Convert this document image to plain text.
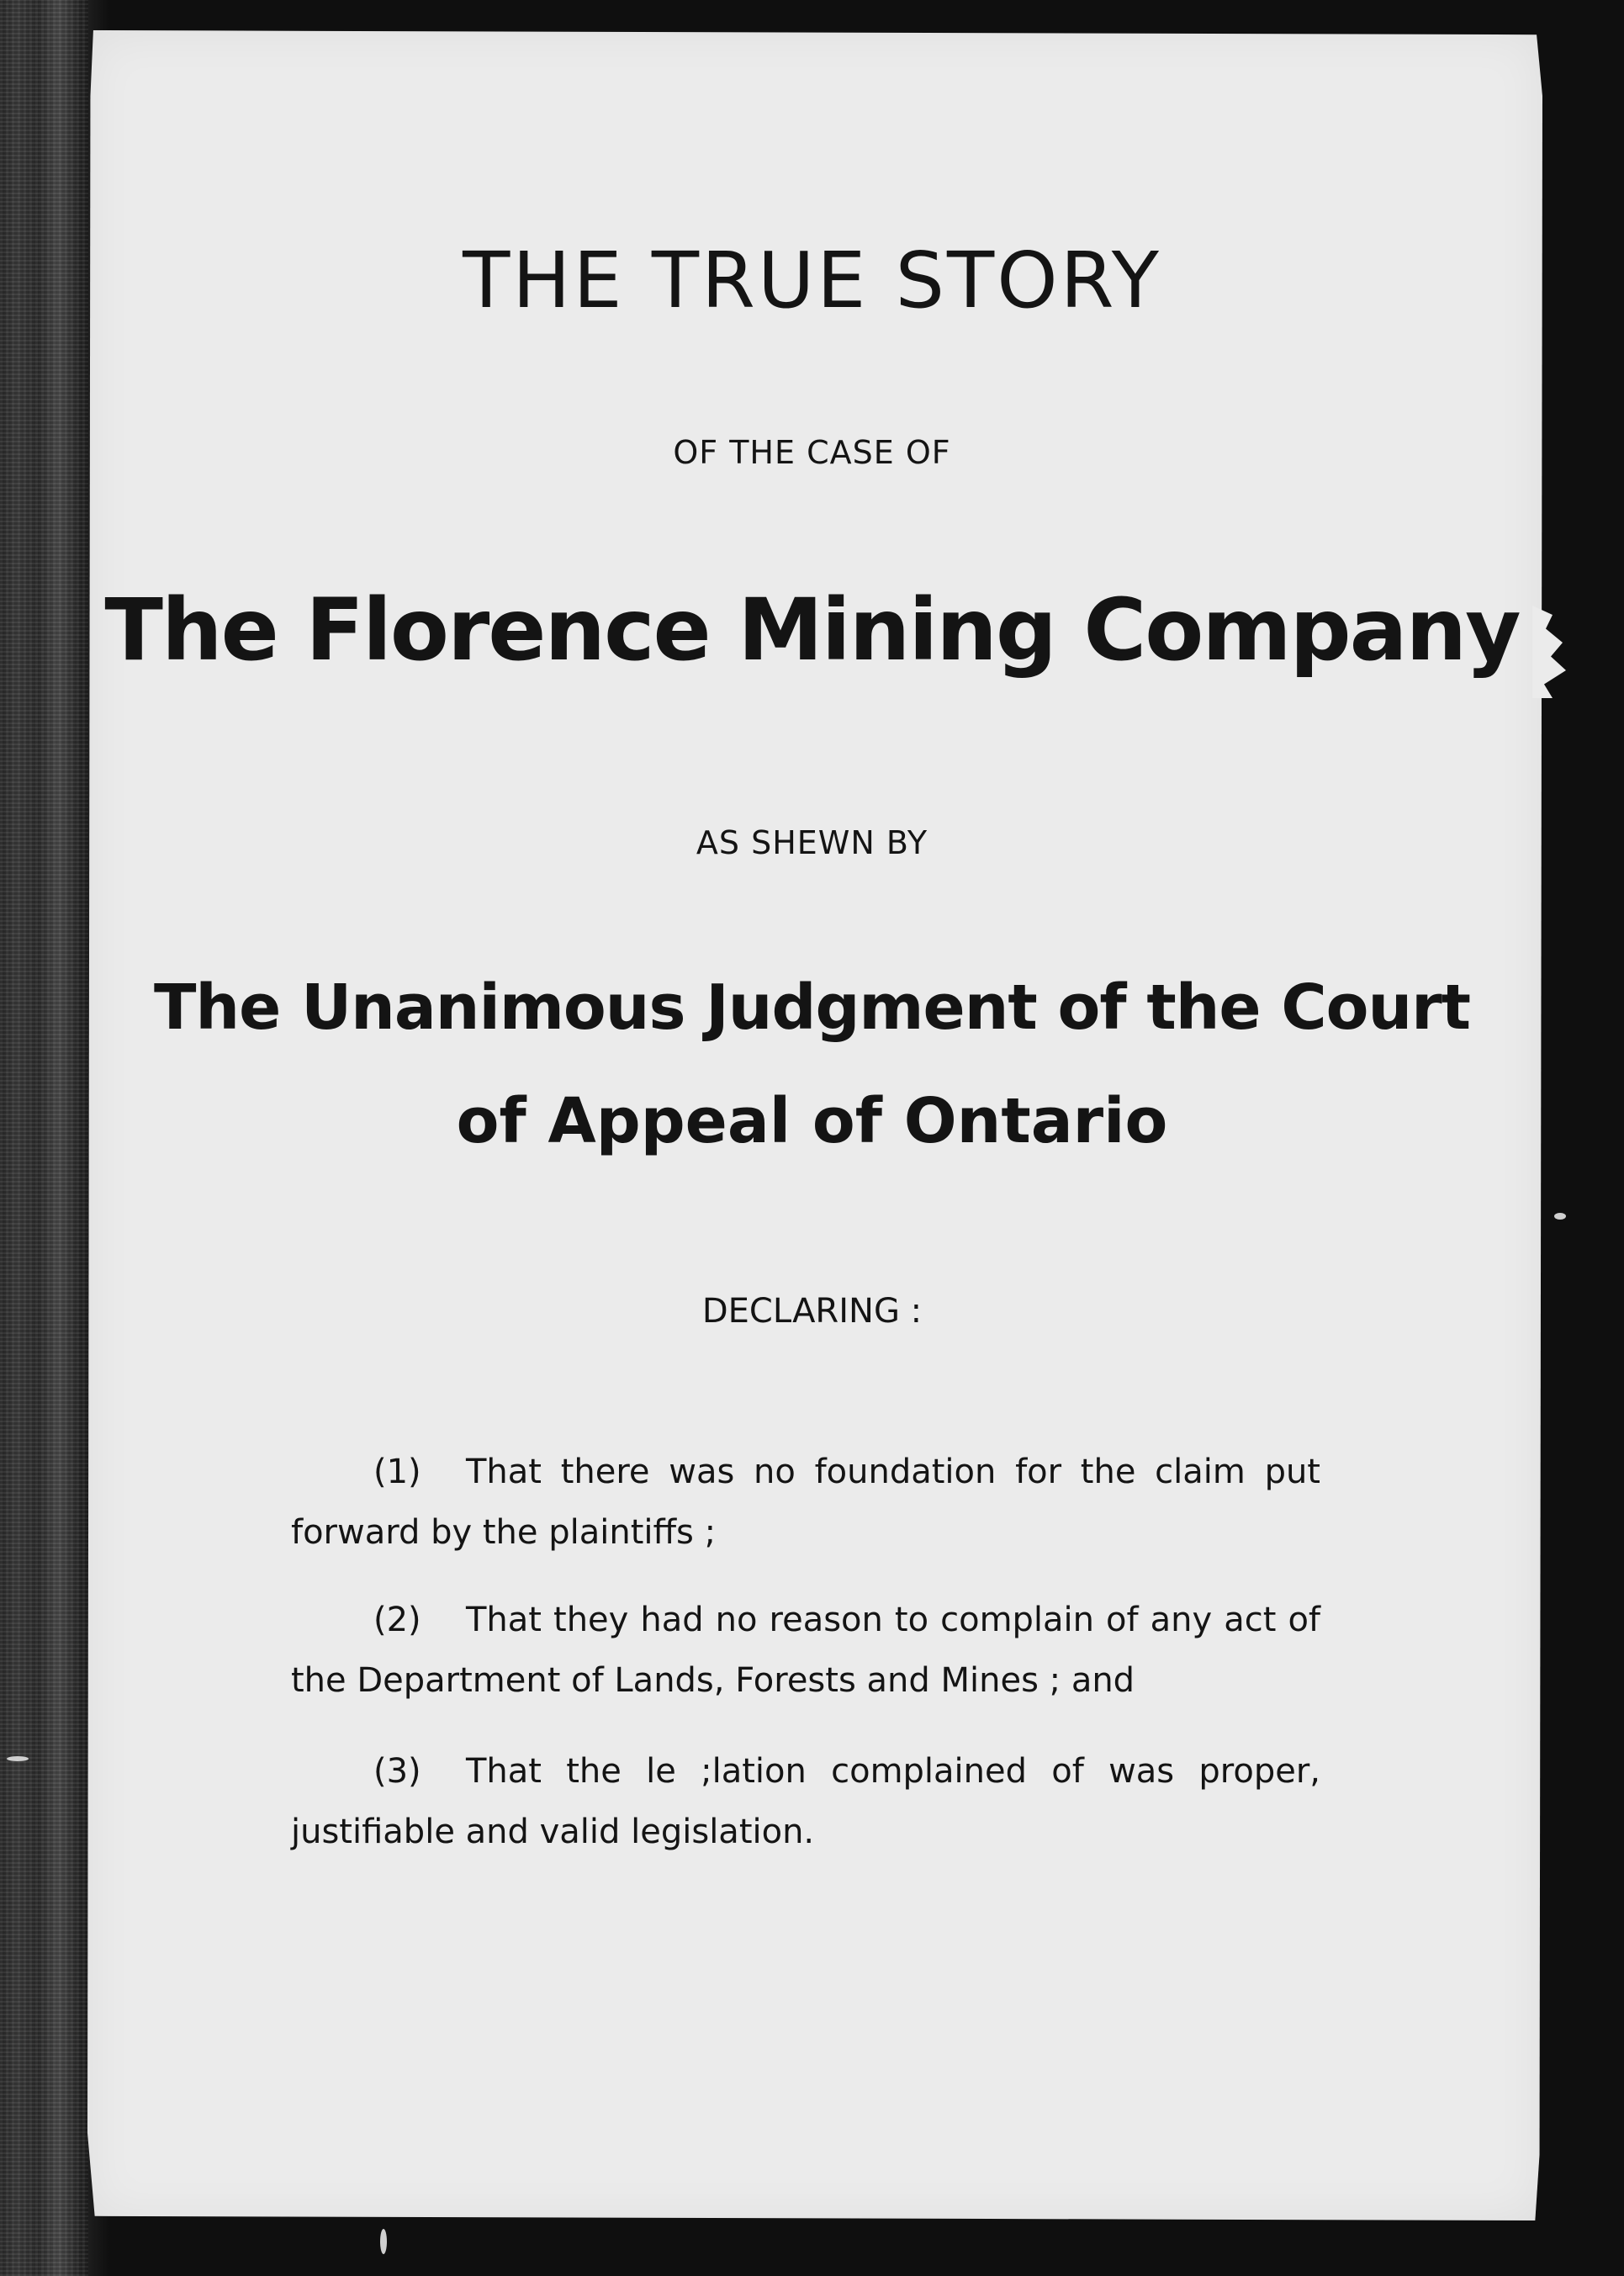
THE TRUE STORY

OF THE CASE OF

The Florence Mining Company

AS SHEWN BY

The Unanimous Judgment of the Court
of Appeal of Ontario

DECLARING :

(1) That there was no foundation for the claim put forward by the plaintiffs ;

(2) That they had no reason to complain of any act of the Department of Lands, Forests and Mines ; and

(3) That the le ;lation complained of was proper, justifiable and valid legislation.
